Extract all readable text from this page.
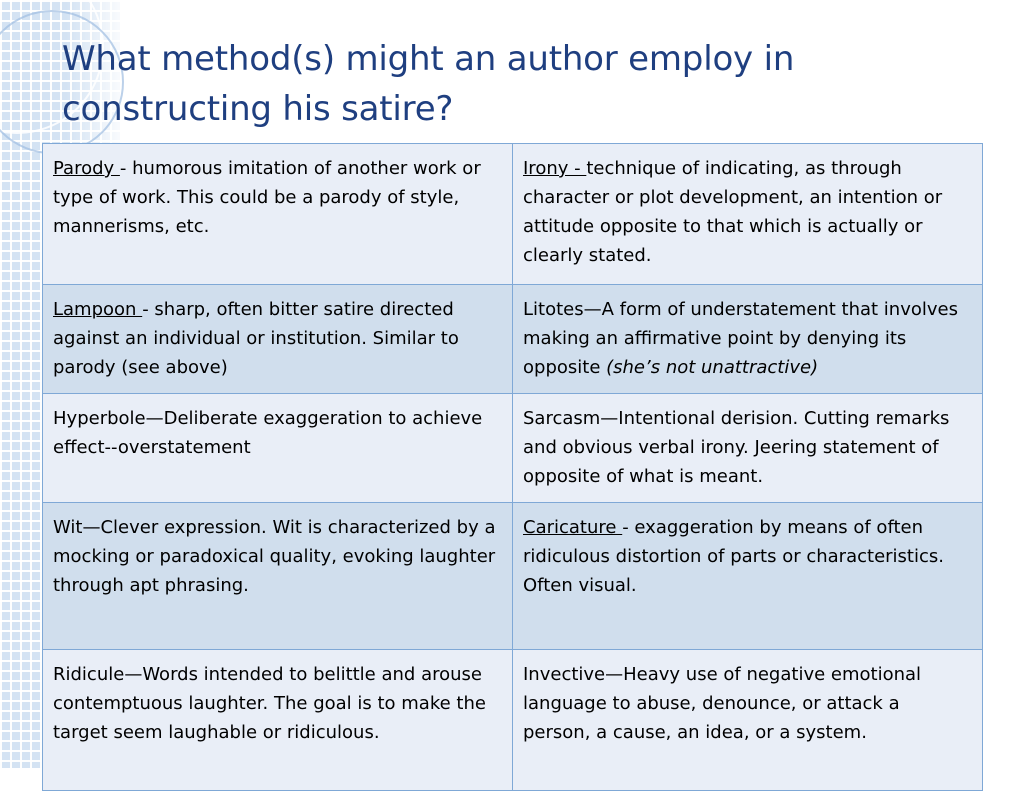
What method(s) might an author employ in constructing his satire?
Parody - humorous imitation of another work or type of work. This could be a parody of style, mannerisms, etc.	Irony - technique of indicating, as through character or plot development, an intention or attitude opposite to that which is actually or clearly stated.
Lampoon - sharp, often bitter satire directed against an individual or institution. Similar to parody (see above)	Litotes—A form of understatement that involves making an affirmative point by denying its opposite (she’s not unattractive)
Hyperbole—Deliberate exaggeration to achieve effect--overstatement	Sarcasm—Intentional derision. Cutting remarks and obvious verbal irony. Jeering statement of opposite of what is meant.
Wit—Clever expression. Wit is characterized by a mocking or paradoxical quality, evoking laughter through apt phrasing.	Caricature - exaggeration by means of often ridiculous distortion of parts or characteristics. Often visual.
Ridicule—Words intended to belittle and arouse contemptuous laughter. The goal is to make the target seem laughable or ridiculous.	Invective—Heavy use of negative emotional language to abuse, denounce, or attack a person, a cause, an idea, or a system.
